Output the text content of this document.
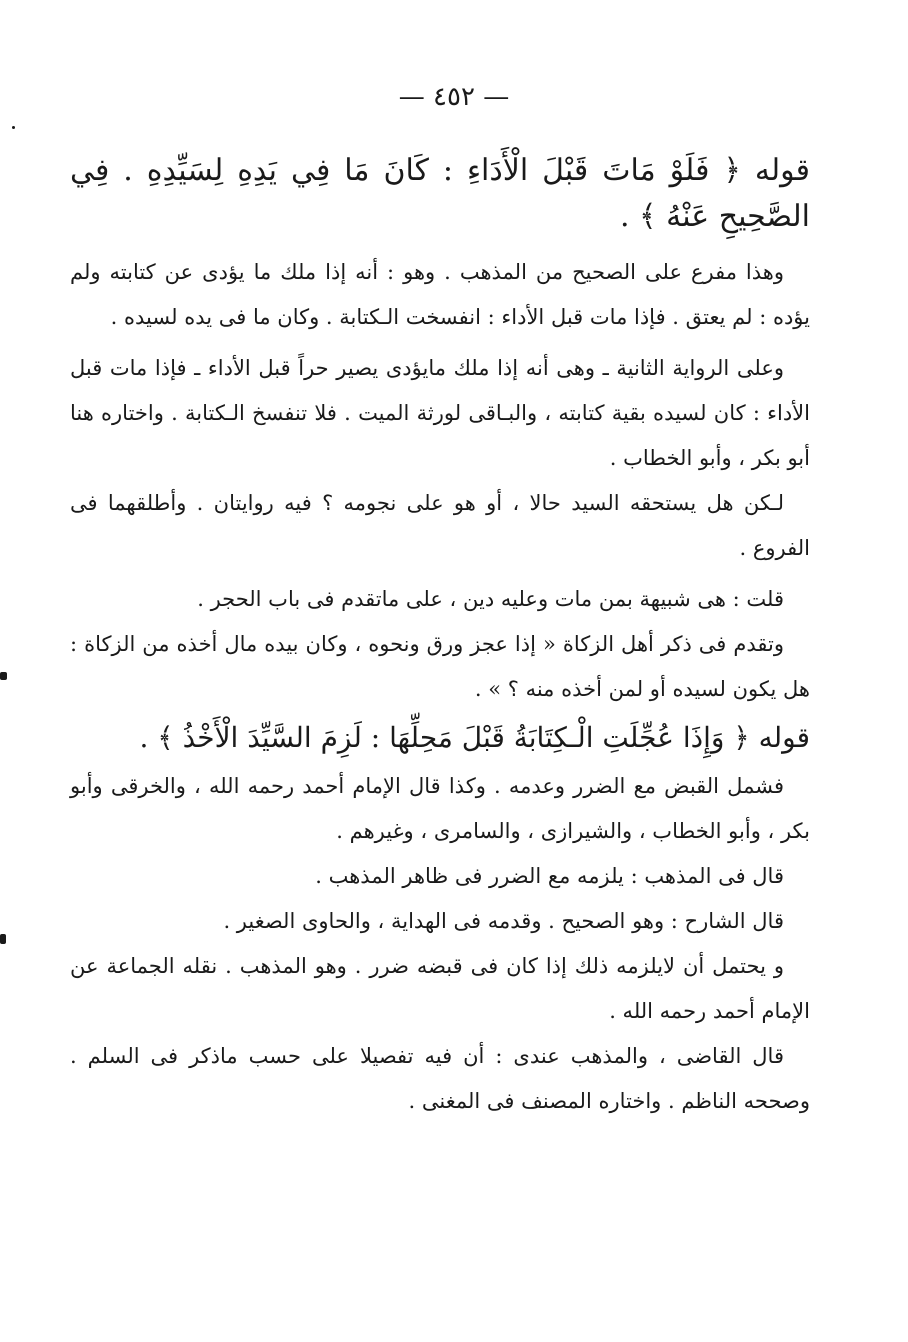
— ٤٥٢ —

قوله ﴿ فَلَوْ مَاتَ قَبْلَ الْأَدَاءِ : كَانَ مَا فِي يَدِهِ لِسَيِّدِهِ . فِي الصَّحِيحِ عَنْهُ ﴾ .

وهذا مفرع على الصحيح من المذهب . وهو : أنه إذا ملك ما يؤدى عن كتابته ولم يؤده : لم يعتق . فإذا مات قبل الأداء : انفسخت الـكتابة . وكان ما فى يده لسيده .

وعلى الرواية الثانية ـ وهى أنه إذا ملك مايؤدى يصير حراً قبل الأداء ـ فإذا مات قبل الأداء : كان لسيده بقية كتابته ، والبـاقى لورثة الميت . فلا تنفسخ الـكتابة . واختاره هنا أبو بكر ، وأبو الخطاب .

لـكن هل يستحقه السيد حالا ، أو هو على نجومه ؟ فيه روايتان . وأطلقهما فى الفروع .

قلت : هى شبيهة بمن مات وعليه دين ، على ماتقدم فى باب الحجر .

وتقدم فى ذكر أهل الزكاة « إذا عجز ورق ونحوه ، وكان بيده مال أخذه من الزكاة : هل يكون لسيده أو لمن أخذه منه ؟ » .

قوله ﴿ وَإِذَا عُجِّلَتِ الْـكِتَابَةُ قَبْلَ مَحِلِّهَا : لَزِمَ السَّيِّدَ الْأَخْذُ ﴾ .

فشمل القبض مع الضرر وعدمه . وكذا قال الإمام أحمد رحمه الله ، والخرقى وأبو بكر ، وأبو الخطاب ، والشيرازى ، والسامرى ، وغيرهم .

قال فى المذهب : يلزمه مع الضرر فى ظاهر المذهب .

قال الشارح : وهو الصحيح . وقدمه فى الهداية ، والحاوى الصغير .

و يحتمل أن لايلزمه ذلك إذا كان فى قبضه ضرر . وهو المذهب . نقله الجماعة عن الإمام أحمد رحمه الله .

قال القاضى ، والمذهب عندى : أن فيه تفصيلا على حسب ماذكر فى السلم . وصححه الناظم . واختاره المصنف فى المغنى .
